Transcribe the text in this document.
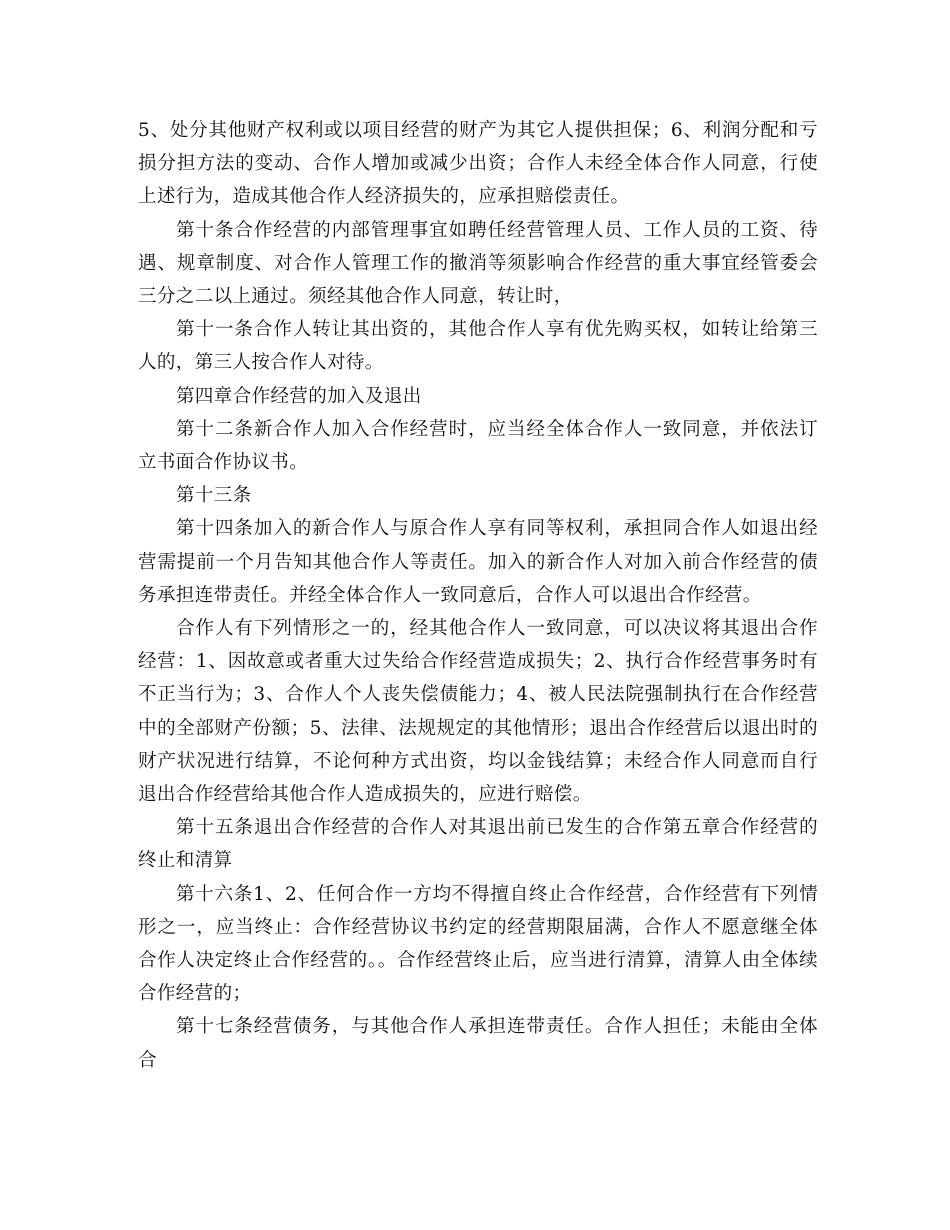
5、处分其他财产权利或以项目经营的财产为其它人提供担保；6、利润分配和亏损分担方法的变动、合作人增加或减少出资；合作人未经全体合作人同意，行使上述行为，造成其他合作人经济损失的，应承担赔偿责任。

第十条合作经营的内部管理事宜如聘任经营管理人员、工作人员的工资、待遇、规章制度、对合作人管理工作的撤消等须影响合作经营的重大事宜经管委会三分之二以上通过。须经其他合作人同意，转让时，

第十一条合作人转让其出资的，其他合作人享有优先购买权，如转让给第三人的，第三人按合作人对待。

第四章合作经营的加入及退出

第十二条新合作人加入合作经营时，应当经全体合作人一致同意，并依法订立书面合作协议书。

第十三条

第十四条加入的新合作人与原合作人享有同等权利，承担同合作人如退出经营需提前一个月告知其他合作人等责任。加入的新合作人对加入前合作经营的债务承担连带责任。并经全体合作人一致同意后，合作人可以退出合作经营。

合作人有下列情形之一的，经其他合作人一致同意，可以决议将其退出合作经营：1、因故意或者重大过失给合作经营造成损失；2、执行合作经营事务时有不正当行为；3、合作人个人丧失偿债能力；4、被人民法院强制执行在合作经营中的全部财产份额；5、法律、法规规定的其他情形；退出合作经营后以退出时的财产状况进行结算，不论何种方式出资，均以金钱结算；未经合作人同意而自行退出合作经营给其他合作人造成损失的，应进行赔偿。

第十五条退出合作经营的合作人对其退出前已发生的合作第五章合作经营的终止和清算

第十六条1、2、任何合作一方均不得擅自终止合作经营，合作经营有下列情形之一，应当终止：合作经营协议书约定的经营期限届满，合作人不愿意继全体合作人决定终止合作经营的。。合作经营终止后，应当进行清算，清算人由全体续合作经营的；

第十七条经营债务，与其他合作人承担连带责任。合作人担任；未能由全体合
